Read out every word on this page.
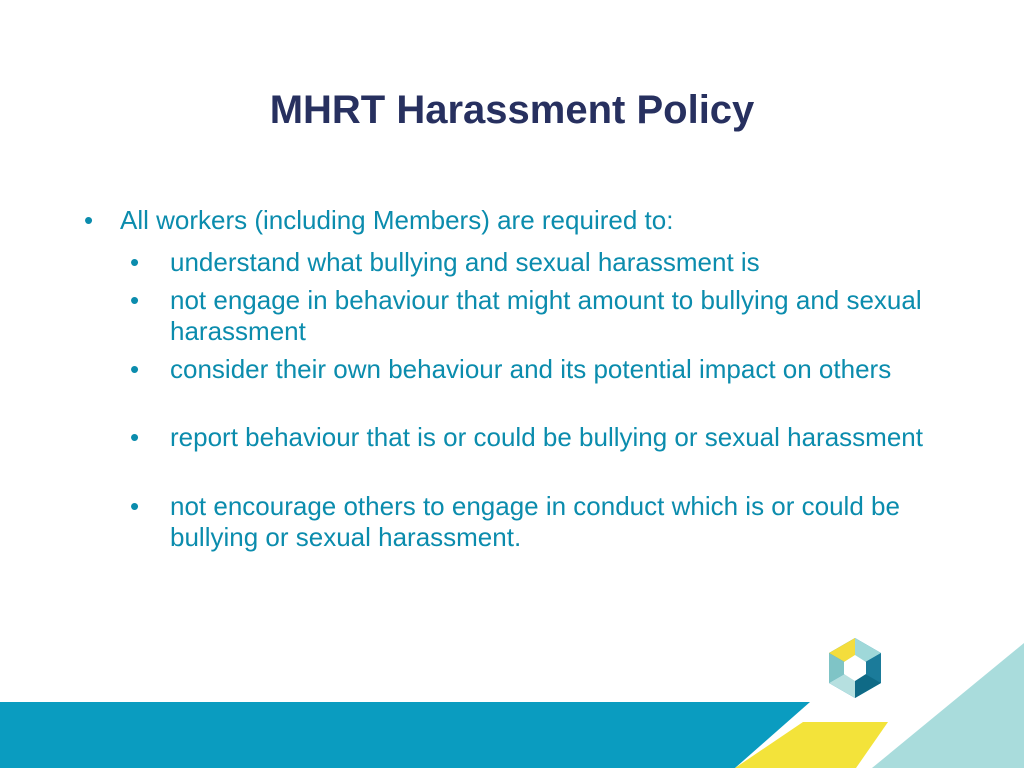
MHRT Harassment Policy
• All workers (including Members) are required to:
• understand what bullying and sexual harassment is
• not engage in behaviour that might amount to bullying and sexual harassment
• consider their own behaviour and its potential impact on others
• report behaviour that is or could be bullying or sexual harassment
• not encourage others to engage in conduct which is or could be bullying or sexual harassment.
